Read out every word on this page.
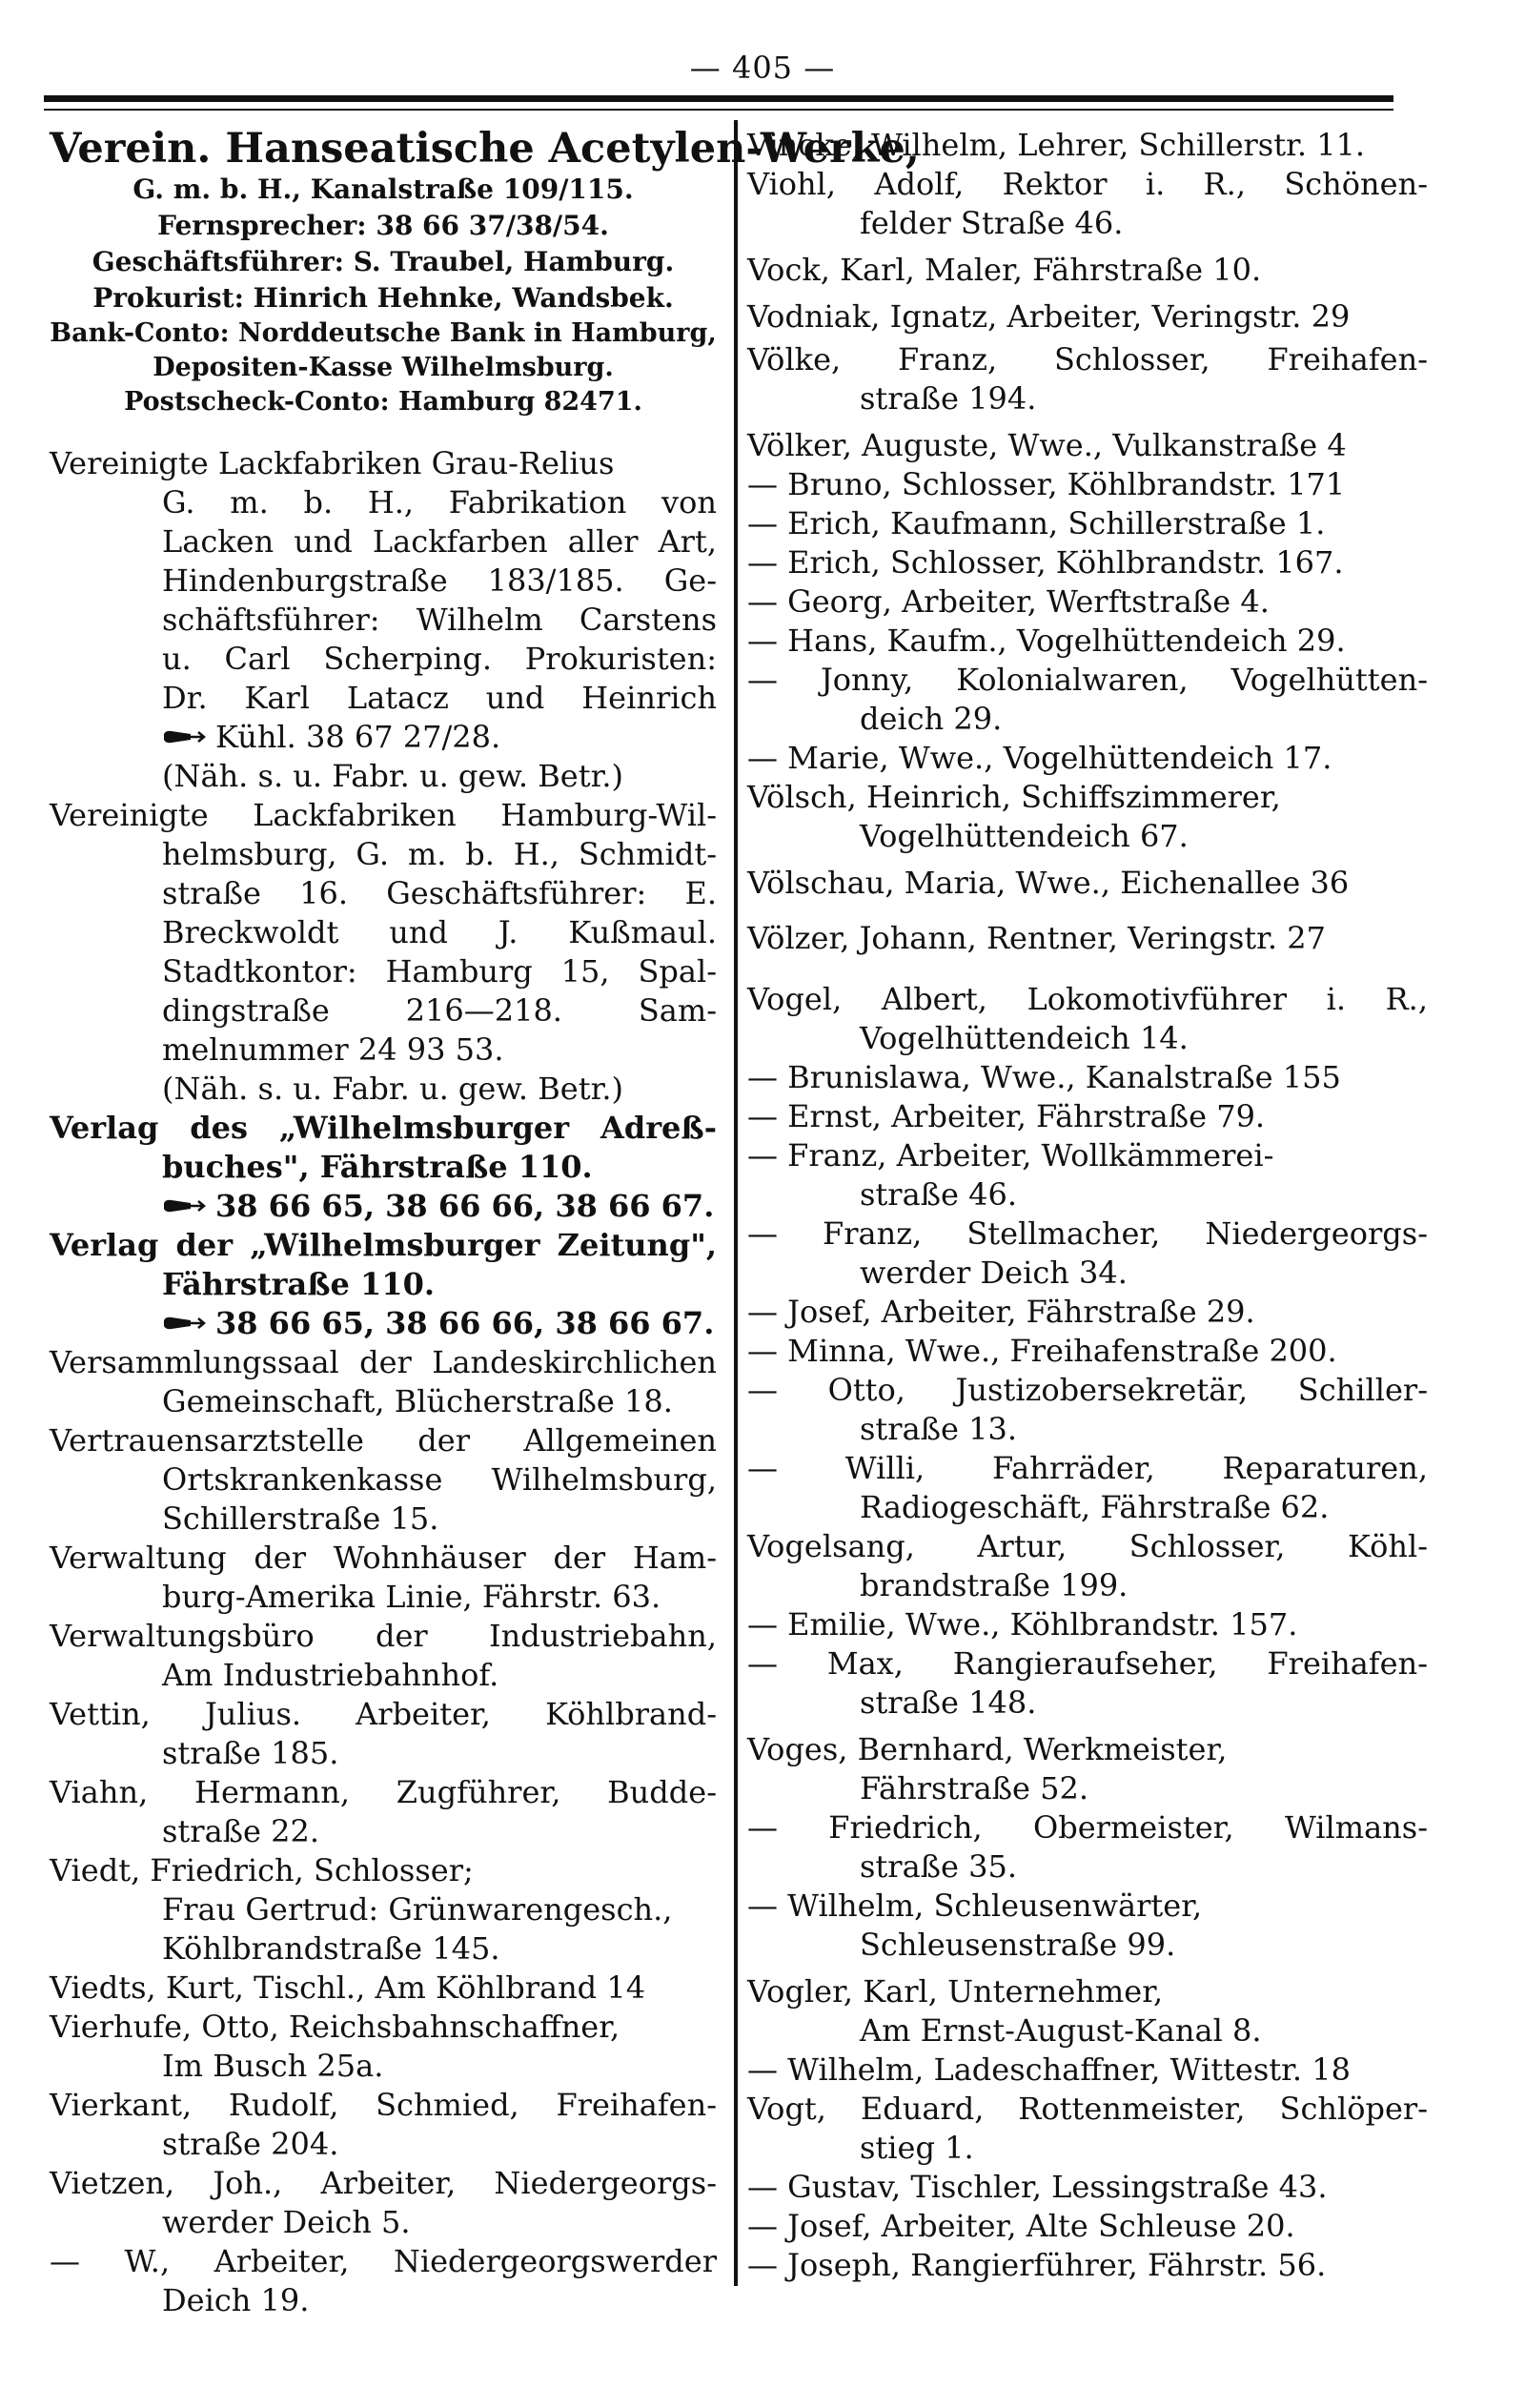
— 405 —
Verein. Hanseatische Acetylen-Werke,
G. m. b. H., Kanalstraße 109/115.
Fernsprecher: 38 66 37/38/54.
Geschäftsführer: S. Traubel, Hamburg.
Prokurist: Hinrich Hehnke, Wandsbek.
Bank-Conto: Norddeutsche Bank in Hamburg,
Depositen-Kasse Wilhelmsburg.
Postscheck-Conto: Hamburg 82471.
Vereinigte Lackfabriken Grau-Relius
G. m. b. H., Fabrikation von
Lacken und Lackfarben aller Art,
Hindenburgstraße 183/185. Ge-
schäftsführer: Wilhelm Carstens
u. Carl Scherping. Prokuristen:
Dr. Karl Latacz und Heinrich
Kühl. 38 67 27/28.
(Näh. s. u. Fabr. u. gew. Betr.)
Vereinigte Lackfabriken Hamburg-Wil-
helmsburg, G. m. b. H., Schmidt-
straße 16. Geschäftsführer: E.
Breckwoldt und J. Kußmaul.
Stadtkontor: Hamburg 15, Spal-
dingstraße 216—218. Sam-
melnummer 24 93 53.
(Näh. s. u. Fabr. u. gew. Betr.)
Verlag des „Wilhelmsburger Adreß-
buches", Fährstraße 110.
38 66 65, 38 66 66, 38 66 67.
Verlag der „Wilhelmsburger Zeitung",
Fährstraße 110.
38 66 65, 38 66 66, 38 66 67.
Versammlungssaal der Landeskirchlichen
Gemeinschaft, Blücherstraße 18.
Vertrauensarztstelle der Allgemeinen
Ortskrankenkasse Wilhelmsburg,
Schillerstraße 15.
Verwaltung der Wohnhäuser der Ham-
burg-Amerika Linie, Fährstr. 63.
Verwaltungsbüro der Industriebahn,
Am Industriebahnhof.
Vettin, Julius. Arbeiter, Köhlbrand-
straße 185.
Viahn, Hermann, Zugführer, Budde-
straße 22.
Viedt, Friedrich, Schlosser;
Frau Gertrud: Grünwarengesch.,
Köhlbrandstraße 145.
Viedts, Kurt, Tischl., Am Köhlbrand 14
Vierhufe, Otto, Reichsbahnschaffner,
Im Busch 25a.
Vierkant, Rudolf, Schmied, Freihafen-
straße 204.
Vietzen, Joh., Arbeiter, Niedergeorgs-
werder Deich 5.
— W., Arbeiter, Niedergeorgswerder
Deich 19.
Vincke, Wilhelm, Lehrer, Schillerstr. 11.
Viohl, Adolf, Rektor i. R., Schönen-
felder Straße 46.
Vock, Karl, Maler, Fährstraße 10.
Vodniak, Ignatz, Arbeiter, Veringstr. 29
Völke, Franz, Schlosser, Freihafen-
straße 194.
Völker, Auguste, Wwe., Vulkanstraße 4
— Bruno, Schlosser, Köhlbrandstr. 171
— Erich, Kaufmann, Schillerstraße 1.
— Erich, Schlosser, Köhlbrandstr. 167.
— Georg, Arbeiter, Werftstraße 4.
— Hans, Kaufm., Vogelhüttendeich 29.
— Jonny, Kolonialwaren, Vogelhütten-
deich 29.
— Marie, Wwe., Vogelhüttendeich 17.
Völsch, Heinrich, Schiffszimmerer,
Vogelhüttendeich 67.
Völschau, Maria, Wwe., Eichenallee 36
Völzer, Johann, Rentner, Veringstr. 27
Vogel, Albert, Lokomotivführer i. R.,
Vogelhüttendeich 14.
— Brunislawa, Wwe., Kanalstraße 155
— Ernst, Arbeiter, Fährstraße 79.
— Franz, Arbeiter, Wollkämmerei-
straße 46.
— Franz, Stellmacher, Niedergeorgs-
werder Deich 34.
— Josef, Arbeiter, Fährstraße 29.
— Minna, Wwe., Freihafenstraße 200.
— Otto, Justizobersekretär, Schiller-
straße 13.
— Willi, Fahrräder, Reparaturen,
Radiogeschäft, Fährstraße 62.
Vogelsang, Artur, Schlosser, Köhl-
brandstraße 199.
— Emilie, Wwe., Köhlbrandstr. 157.
— Max, Rangieraufseher, Freihafen-
straße 148.
Voges, Bernhard, Werkmeister,
Fährstraße 52.
— Friedrich, Obermeister, Wilmans-
straße 35.
— Wilhelm, Schleusenwärter,
Schleusenstraße 99.
Vogler, Karl, Unternehmer,
Am Ernst-August-Kanal 8.
— Wilhelm, Ladeschaffner, Wittestr. 18
Vogt, Eduard, Rottenmeister, Schlöper-
stieg 1.
— Gustav, Tischler, Lessingstraße 43.
— Josef, Arbeiter, Alte Schleuse 20.
— Joseph, Rangierführer, Fährstr. 56.
